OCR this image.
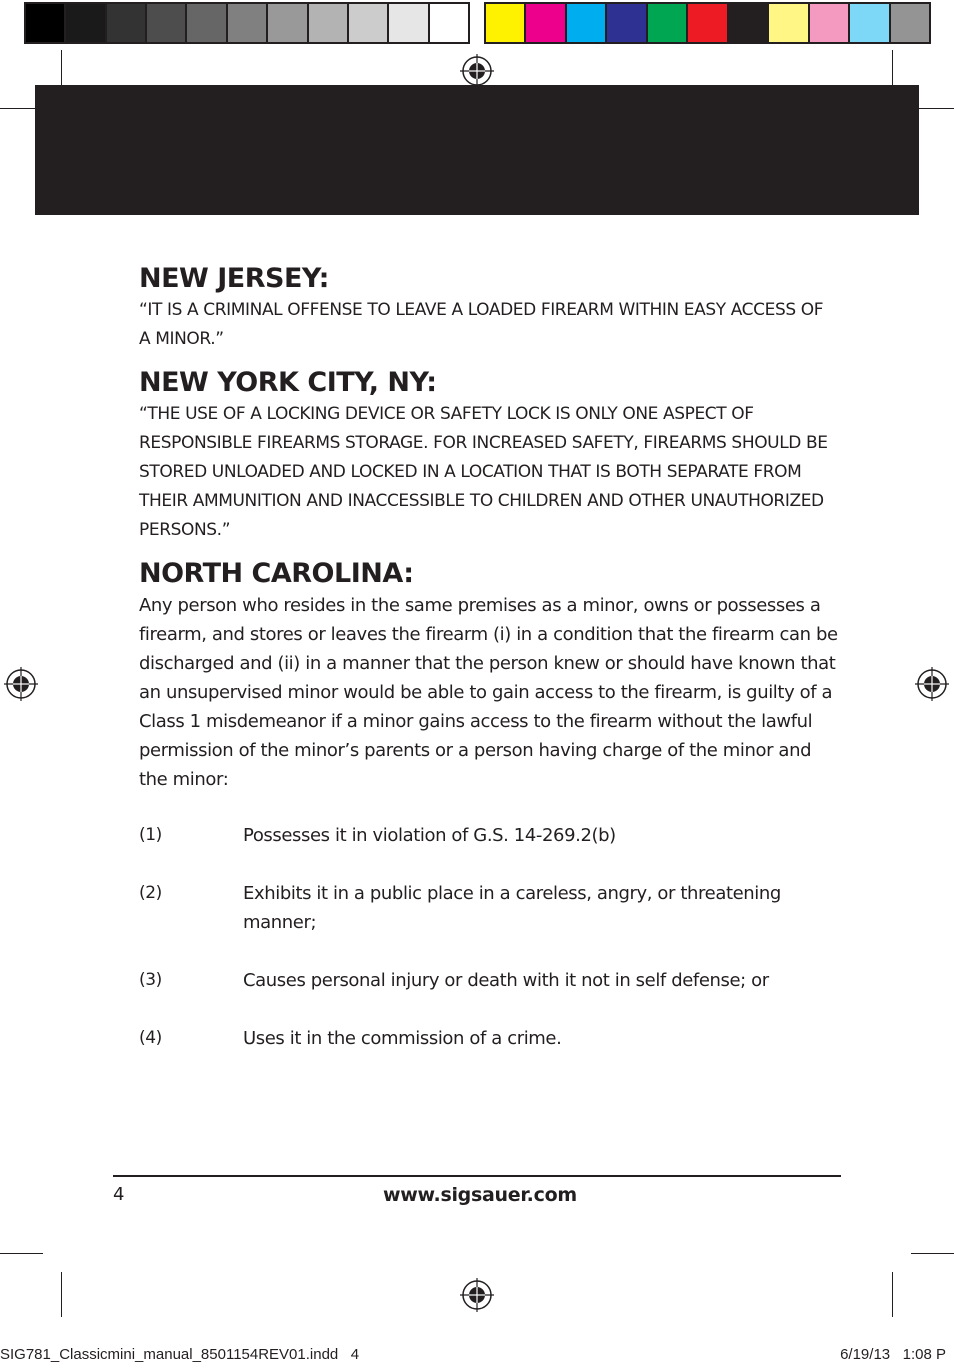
NEW JERSEY:

“IT IS A CRIMINAL OFFENSE TO LEAVE A LOADED FIREARM WITHIN EASY ACCESS OF A MINOR.”

NEW YORK CITY, NY:

“THE USE OF A LOCKING DEVICE OR SAFETY LOCK IS ONLY ONE ASPECT OF RESPONSIBLE FIREARMS STORAGE. FOR INCREASED SAFETY, FIREARMS SHOULD BE STORED UNLOADED AND LOCKED IN A LOCATION THAT IS BOTH SEPARATE FROM THEIR AMMUNITION AND INACCESSIBLE TO CHILDREN AND OTHER UNAUTHORIZED PERSONS.”

NORTH CAROLINA:

Any person who resides in the same premises as a minor, owns or possesses a firearm, and stores or leaves the firearm (i) in a condition that the firearm can be discharged and (ii) in a manner that the person knew or should have known that an unsupervised minor would be able to gain access to the firearm, is guilty of a Class 1 misdemeanor if a minor gains access to the firearm without the lawful permission of the minor’s parents or a person having charge of the minor and the minor:

(1)	Possesses it in violation of G.S. 14-269.2(b)
(2)	Exhibits it in a public place in a careless, angry, or threatening manner;
(3)	Causes personal injury or death with it not in self defense; or
(4)	Uses it in the commission of a crime.
4	www.sigsauer.com
SIG781_Classicmini_manual_8501154REV01.indd   4	6/19/13   1:08 P
